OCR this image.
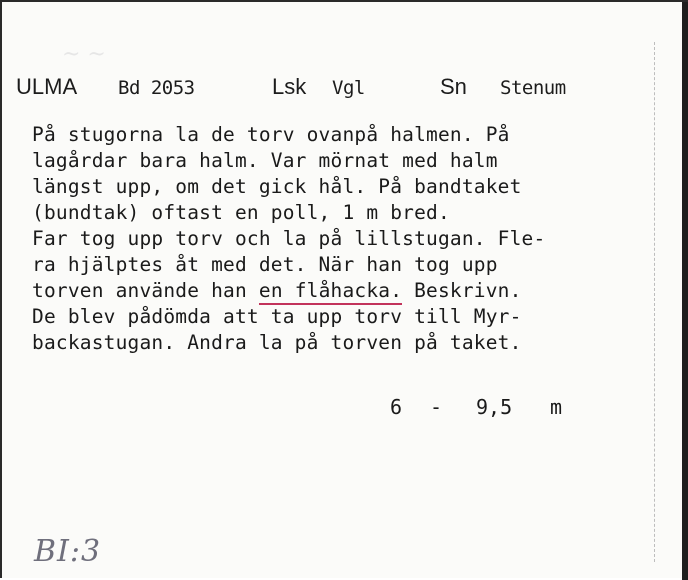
~ ~
ULMA Bd 2053	Lsk Vgl	Sn Stenum
På stugorna la de torv ovanpå halmen. På
lagårdar bara halm. Var mörnat med halm
längst upp, om det gick hål. På bandtaket
(bundtak) oftast en poll, 1 m bred.
Far tog upp torv och la på lillstugan. Fle-
ra hjälptes åt med det. När han tog upp
torven använde han en flåhacka. Beskrivn.
De blev pådömda att ta upp torv till Myr-
backastugan. Andra la på torven på taket.
6 - 9,5 m
BI:3
